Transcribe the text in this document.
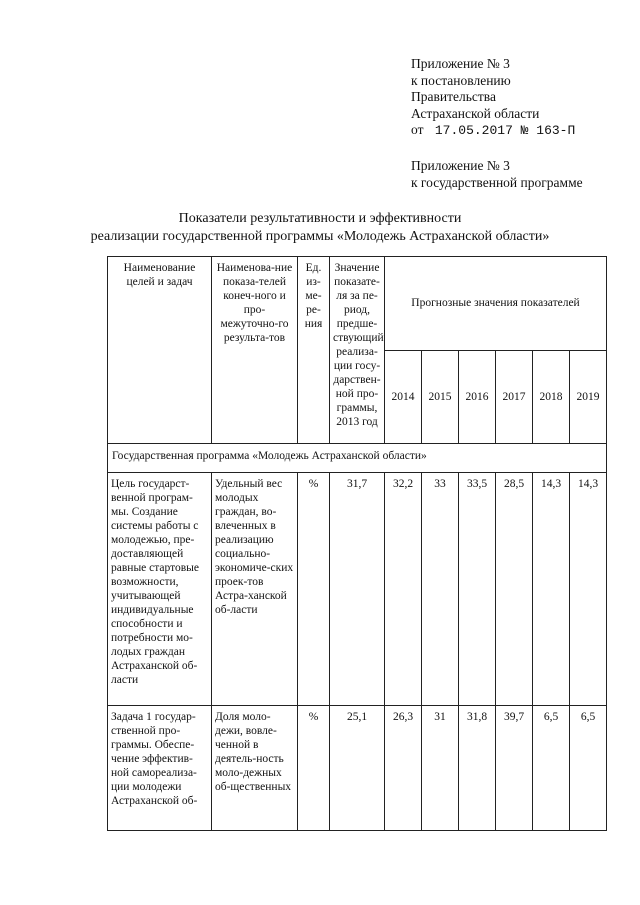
Приложение № 3
к постановлению
Правительства
Астраханской области
от 17.05.2017 № 163-П
Приложение № 3
к государственной программе
Показатели результативности и эффективности
реализации государственной программы «Молодежь Астраханской области»
Наименование целей и задач	Наименова-ние показа-телей конеч-ного и про-межуточно-го результа-тов	Ед. из-ме-ре-ния	Значение показате-ля за пе-риод, предше-ствующий реализа-ции госу-дарствен-ной про-граммы, 2013 год	Прогнозные значения показателей					
				2014	2015	2016	2017	2018	2019
Государственная программа «Молодежь Астраханской области»									
Цель государст-венной програм-мы. Создание системы работы с молодежью, пре-доставляющей равные стартовые возможности, учитывающей индивидуальные способности и потребности мо-лодых граждан Астраханской об-ласти	Удельный вес молодых граждан, во-влеченных в реализацию социально-экономиче-ских проек-тов Астра-ханской об-ласти	%	31,7	32,2	33	33,5	28,5	14,3	14,3
Задача 1 государ-ственной про-граммы. Обеспе-чение эффектив-ной самореализа-ции молодежи Астраханской об-	Доля моло-дежи, вовле-ченной в деятель-ность моло-дежных об-щественных	%	25,1	26,3	31	31,8	39,7	6,5	6,5
